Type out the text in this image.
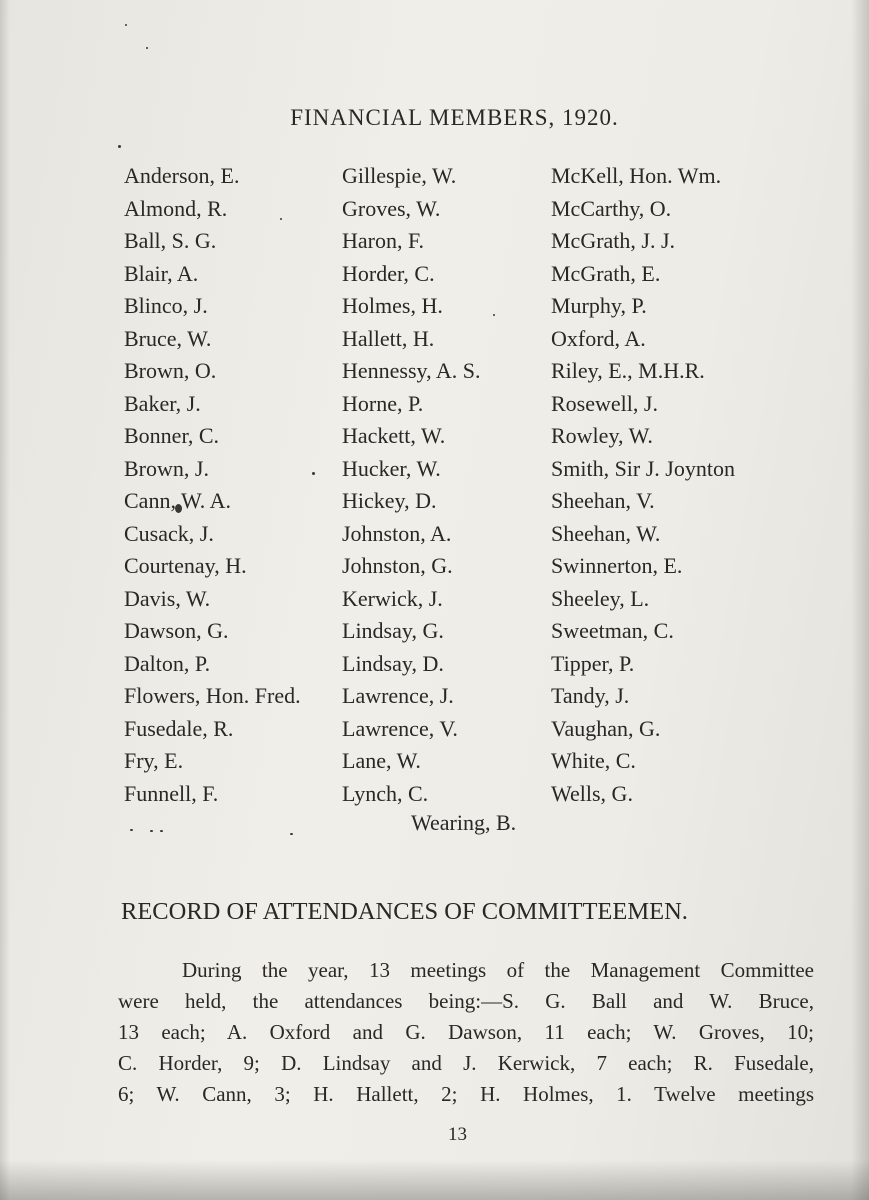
FINANCIAL MEMBERS, 1920.
Anderson, E.
Almond, R.
Ball, S. G.
Blair, A.
Blinco, J.
Bruce, W.
Brown, O.
Baker, J.
Bonner, C.
Brown, J.
Cann, W. A.
Cusack, J.
Courtenay, H.
Davis, W.
Dawson, G.
Dalton, P.
Flowers, Hon. Fred.
Fusedale, R.
Fry, E.
Funnell, F.
Gillespie, W.
Groves, W.
Haron, F.
Horder, C.
Holmes, H.
Hallett, H.
Hennessy, A. S.
Horne, P.
Hackett, W.
Hucker, W.
Hickey, D.
Johnston, A.
Johnston, G.
Kerwick, J.
Lindsay, G.
Lindsay, D.
Lawrence, J.
Lawrence, V.
Lane, W.
Lynch, C.
McKell, Hon. Wm.
McCarthy, O.
McGrath, J. J.
McGrath, E.
Murphy, P.
Oxford, A.
Riley, E., M.H.R.
Rosewell, J.
Rowley, W.
Smith, Sir J. Joynton
Sheehan, V.
Sheehan, W.
Swinnerton, E.
Sheeley, L.
Sweetman, C.
Tipper, P.
Tandy, J.
Vaughan, G.
White, C.
Wells, G.
Wearing, B.
RECORD OF ATTENDANCES OF COMMITTEEMEN.
During the year, 13 meetings of the Management Committee
were held, the attendances being:—S. G. Ball and W. Bruce,
13 each; A. Oxford and G. Dawson, 11 each; W. Groves, 10;
C. Horder, 9; D. Lindsay and J. Kerwick, 7 each; R. Fusedale,
6; W. Cann, 3; H. Hallett, 2; H. Holmes, 1. Twelve meetings
13
